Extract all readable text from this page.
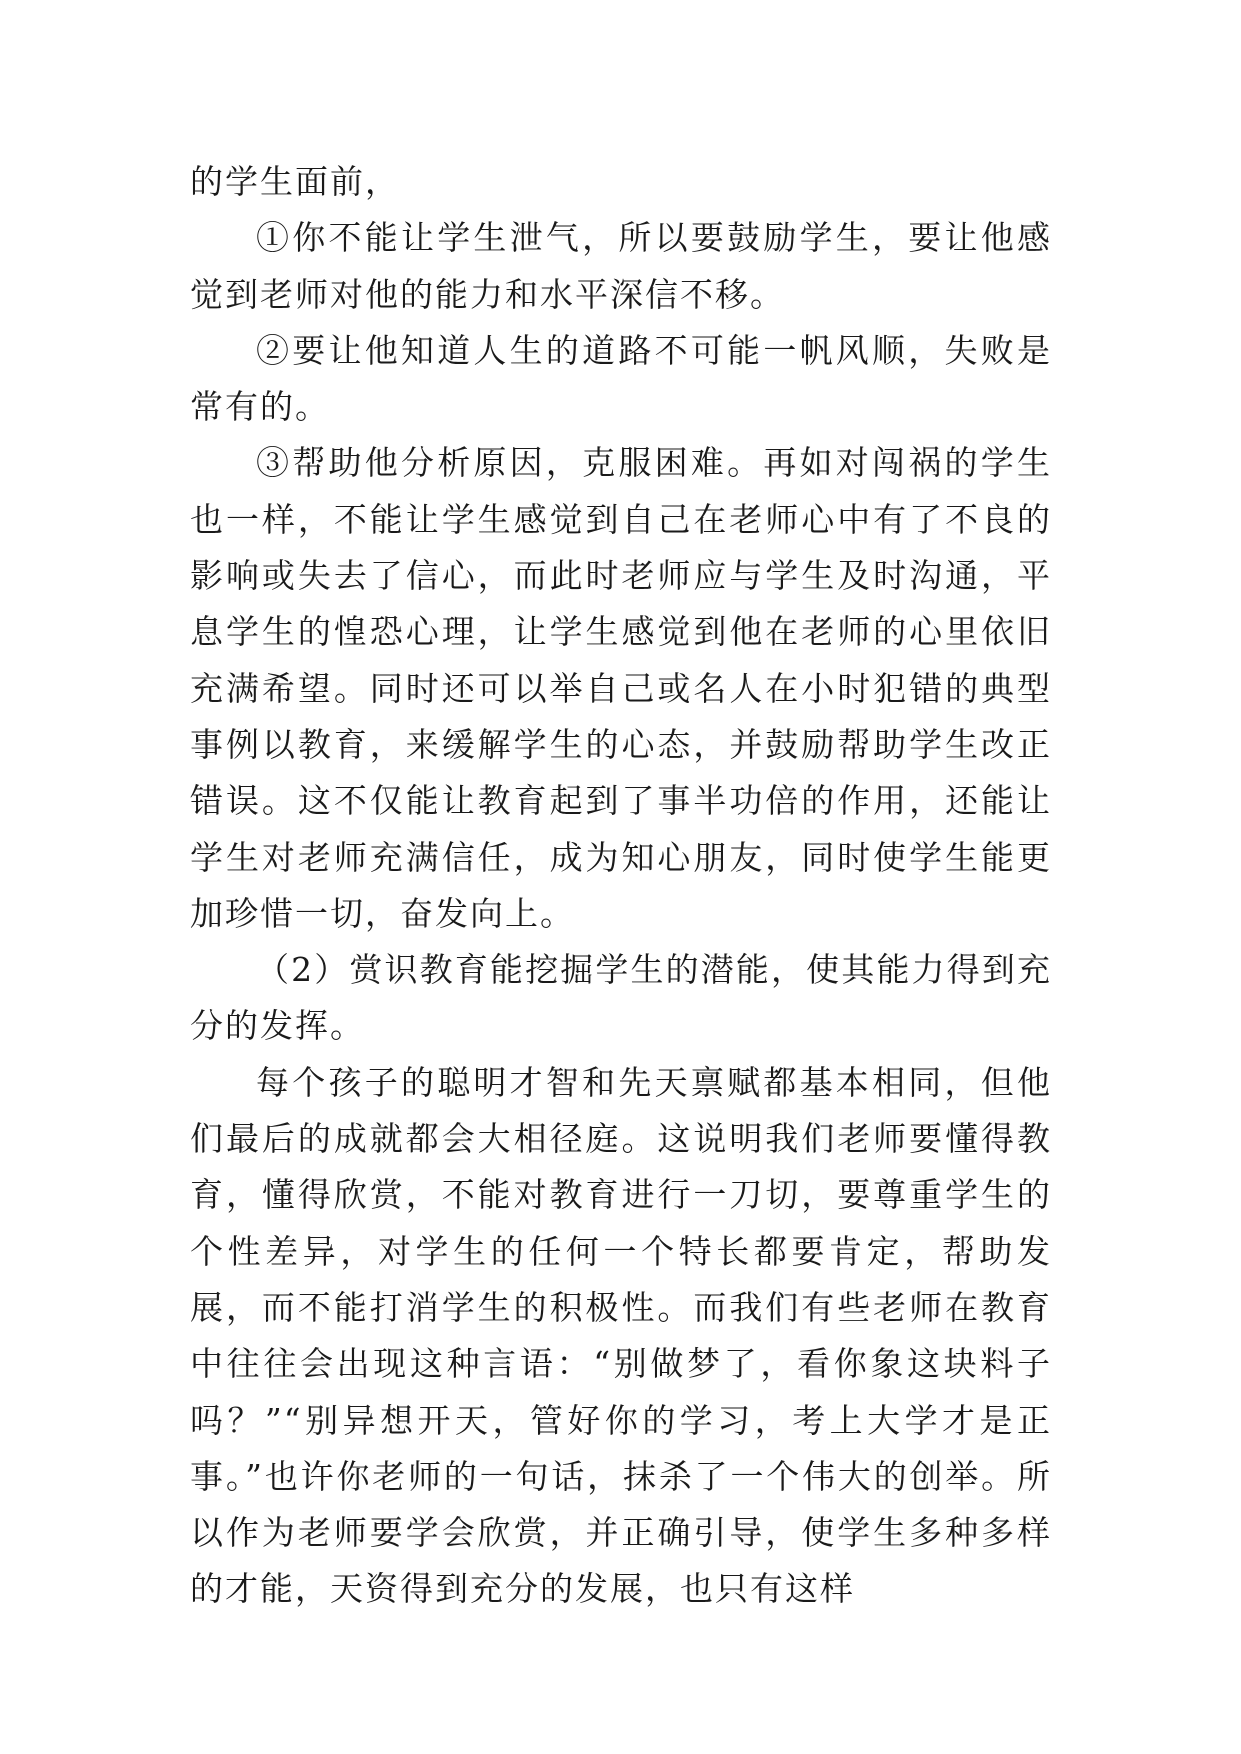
的学生面前，

①你不能让学生泄气，所以要鼓励学生，要让他感觉到老师对他的能力和水平深信不移。

②要让他知道人生的道路不可能一帆风顺，失败是常有的。

③帮助他分析原因，克服困难。再如对闯祸的学生也一样，不能让学生感觉到自己在老师心中有了不良的影响或失去了信心，而此时老师应与学生及时沟通，平息学生的惶恐心理，让学生感觉到他在老师的心里依旧充满希望。同时还可以举自己或名人在小时犯错的典型事例以教育，来缓解学生的心态，并鼓励帮助学生改正错误。这不仅能让教育起到了事半功倍的作用，还能让学生对老师充满信任，成为知心朋友，同时使学生能更加珍惜一切，奋发向上。

（2）赏识教育能挖掘学生的潜能，使其能力得到充分的发挥。

每个孩子的聪明才智和先天禀赋都基本相同，但他们最后的成就都会大相径庭。这说明我们老师要懂得教育，懂得欣赏，不能对教育进行一刀切，要尊重学生的个性差异，对学生的任何一个特长都要肯定，帮助发展，而不能打消学生的积极性。而我们有些老师在教育中往往会出现这种言语：“别做梦了，看你象这块料子吗？”“别异想开天，管好你的学习，考上大学才是正事。”也许你老师的一句话，抹杀了一个伟大的创举。所以作为老师要学会欣赏，并正确引导，使学生多种多样的才能，天资得到充分的发展，也只有这样
